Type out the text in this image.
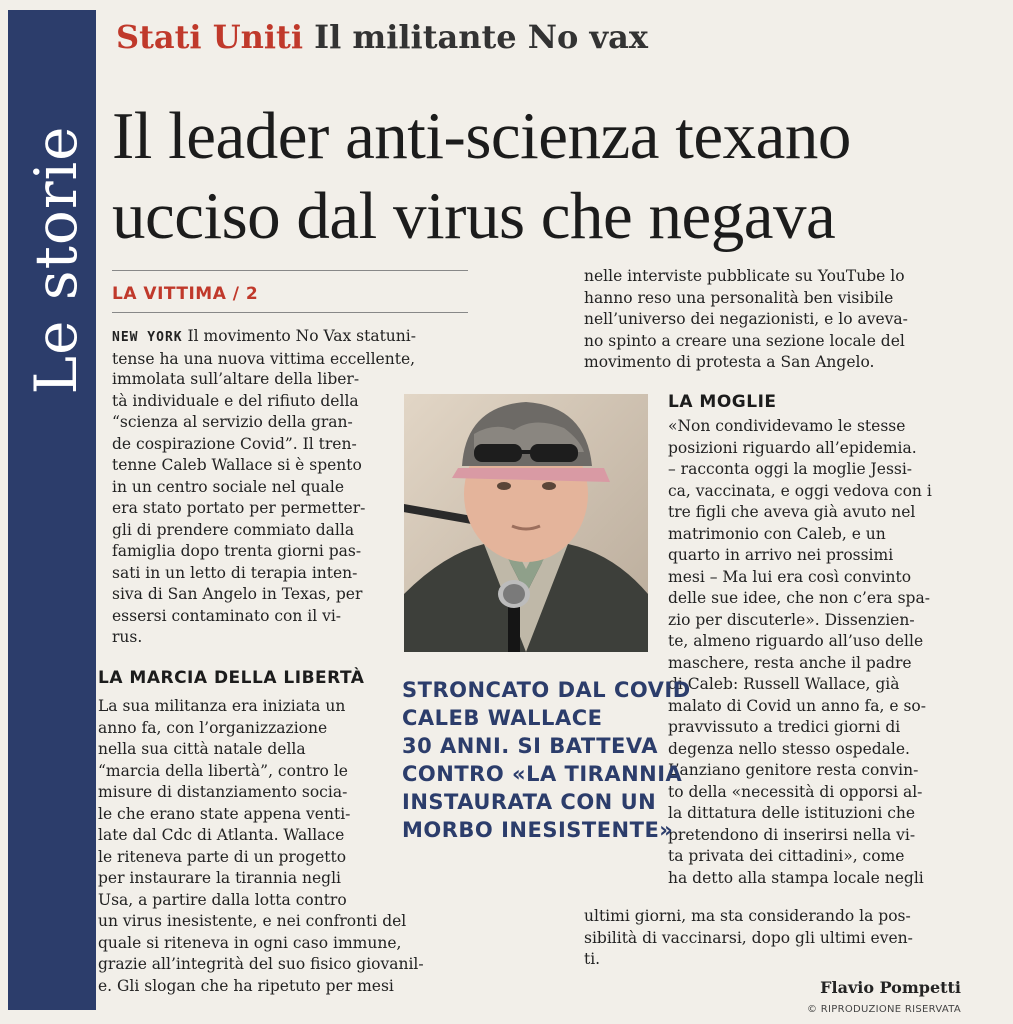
Le storie
Stati Uniti Il militante No vax
Il leader anti-scienza texano
ucciso dal virus che negava
LA VITTIMA / 2
NEW YORK Il movimento No Vax statuni-
tense ha una nuova vittima eccellente,
immolata sull’altare della liber-
tà individuale e del rifiuto della
“scienza al servizio della gran-
de cospirazione Covid”. Il tren-
tenne Caleb Wallace si è spento
in un centro sociale nel quale
era stato portato per permetter-
gli di prendere commiato dalla
famiglia dopo trenta giorni pas-
sati in un letto di terapia inten-
siva di San Angelo in Texas, per
essersi contaminato con il vi-
rus.
LA MARCIA DELLA LIBERTÀ
La sua militanza era iniziata un
anno fa, con l’organizzazione
nella sua città natale della
“marcia della libertà”, contro le
misure di distanziamento socia-
le che erano state appena venti-
late dal Cdc di Atlanta. Wallace
le riteneva parte di un progetto
per instaurare la tirannia negli
Usa, a partire dalla lotta contro
un virus inesistente, e nei confronti del
quale si riteneva in ogni caso immune,
grazie all’integrità del suo fisico giovanil-
e. Gli slogan che ha ripetuto per mesi
nelle interviste pubblicate su YouTube lo
hanno reso una personalità ben visibile
nell’universo dei negazionisti, e lo aveva-
no spinto a creare una sezione locale del
movimento di protesta a San Angelo.
LA MOGLIE
«Non condividevamo le stesse
posizioni riguardo all’epidemia.
– racconta oggi la moglie Jessi-
ca, vaccinata, e oggi vedova con i
tre figli che aveva già avuto nel
matrimonio con Caleb, e un
quarto in arrivo nei prossimi
mesi – Ma lui era così convinto
delle sue idee, che non c’era spa-
zio per discuterle». Dissenzien-
te, almeno riguardo all’uso delle
maschere, resta anche il padre
di Caleb: Russell Wallace, già
malato di Covid un anno fa, e so-
pravvissuto a tredici giorni di
degenza nello stesso ospedale.
L’anziano genitore resta convin-
to della «necessità di opporsi al-
la dittatura delle istituzioni che
pretendono di inserirsi nella vi-
ta privata dei cittadini», come
ha detto alla stampa locale negli
ultimi giorni, ma sta considerando la pos-
sibilità di vaccinarsi, dopo gli ultimi even-
ti.
STRONCATO DAL COVID
CALEB WALLACE
30 ANNI. SI BATTEVA
CONTRO «LA TIRANNIA
INSTAURATA CON UN
MORBO INESISTENTE»
Flavio Pompetti
© RIPRODUZIONE RISERVATA
